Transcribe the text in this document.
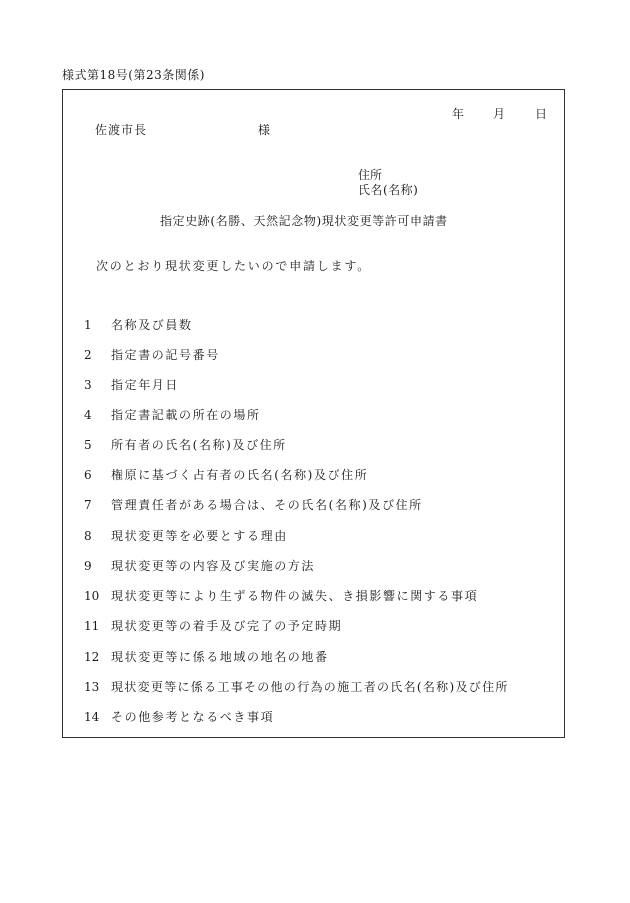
様式第18号(第23条関係)
年 月 日
佐渡市長	様
住所
氏名(名称)
指定史跡(名勝、天然記念物)現状変更等許可申請書
次のとおり現状変更したいので申請します。
1 名称及び員数
2 指定書の記号番号
3 指定年月日
4 指定書記載の所在の場所
5 所有者の氏名(名称)及び住所
6 権原に基づく占有者の氏名(名称)及び住所
7 管理責任者がある場合は、その氏名(名称)及び住所
8 現状変更等を必要とする理由
9 現状変更等の内容及び実施の方法
10 現状変更等により生ずる物件の滅失、き損影響に関する事項
11 現状変更等の着手及び完了の予定時期
12 現状変更等に係る地域の地名の地番
13 現状変更等に係る工事その他の行為の施工者の氏名(名称)及び住所
14 その他参考となるべき事項
